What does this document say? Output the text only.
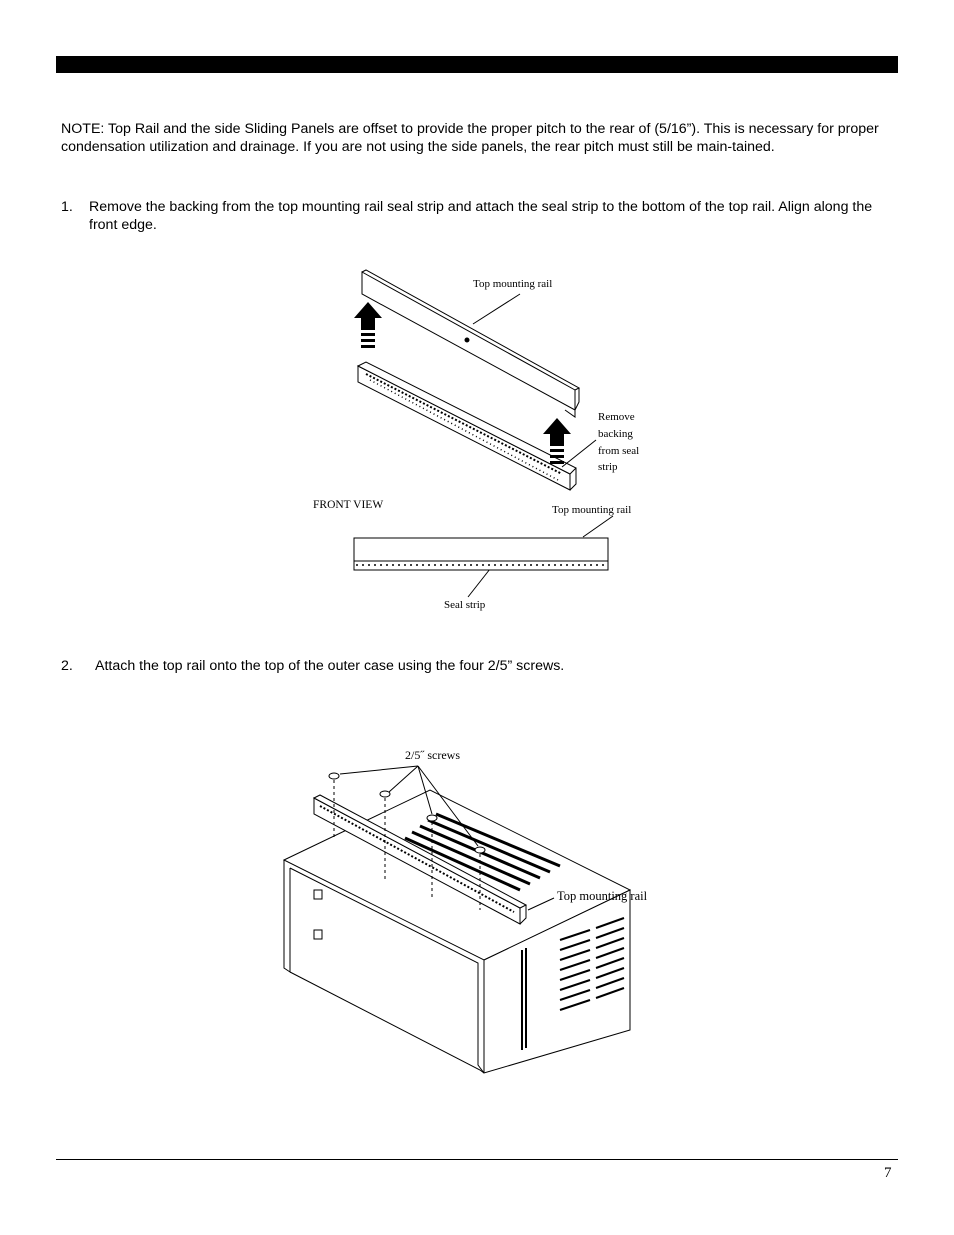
NOTE: Top Rail and the side Sliding Panels are offset to provide the proper pitch to the rear of (5/16”). This is necessary for proper condensation utilization and drainage. If you are not using the side panels, the rear pitch must still be main-tained.
1. Remove the backing from the top mounting rail seal strip and attach the seal strip to the bottom of the top rail. Align along the front edge.
Top mounting rail
Remove
backing
from seal
strip
FRONT VIEW	Top mounting rail
Seal strip
2. Attach the top rail onto the top of the outer case using the four 2/5” screws.
2/5˝ screws
Top mounting rail
7
